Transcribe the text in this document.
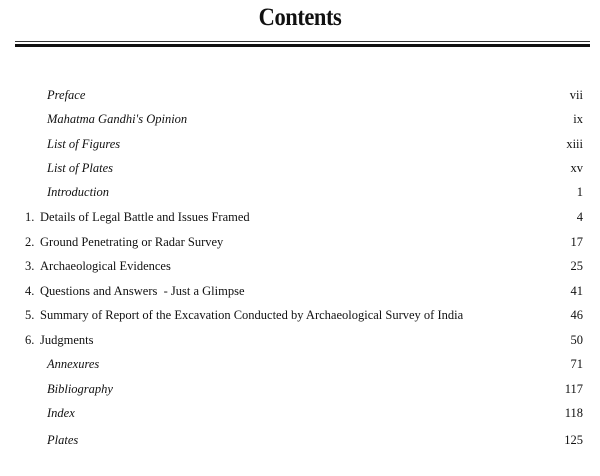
Contents
Preface	vii
Mahatma Gandhi's Opinion	ix
List of Figures	xiii
List of Plates	xv
Introduction	1
1. Details of Legal Battle and Issues Framed	4
2. Ground Penetrating or Radar Survey	17
3. Archaeological Evidences	25
4. Questions and Answers  - Just a Glimpse	41
5. Summary of Report of the Excavation Conducted by Archaeological Survey of India	46
6. Judgments	50
Annexures	71
Bibliography	117
Index	118
Plates	125
